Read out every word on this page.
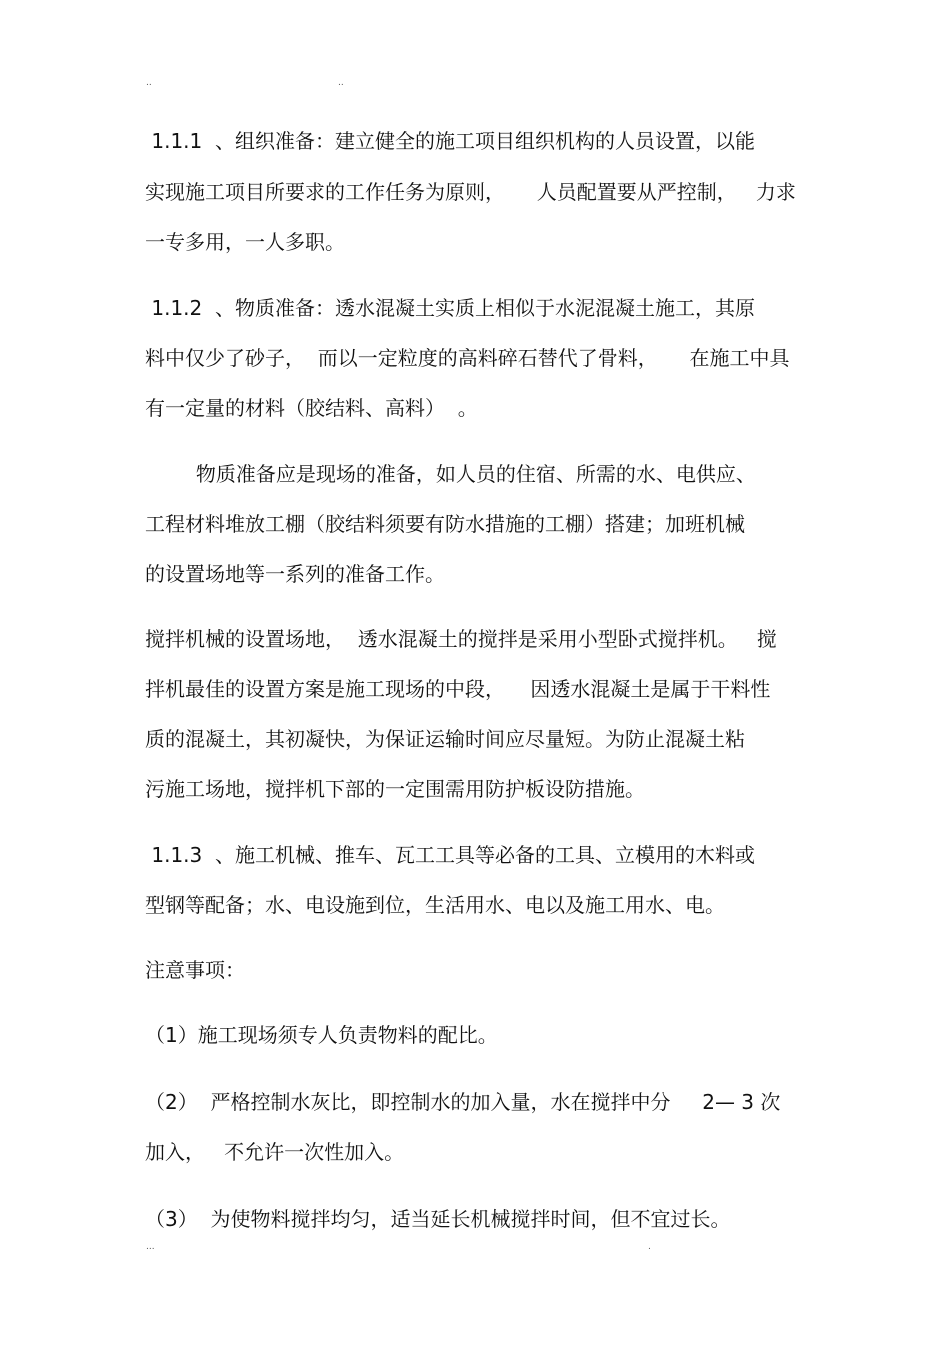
..	..

1.1.1  、组织准备：建立健全的施工项目组织机构的人员设置，以能

实现施工项目所要求的工作任务为原则，     人员配置要从严控制，   力求

一专多用，一人多职。

1.1.2  、物质准备：透水混凝土实质上相似于水泥混凝土施工，其原

料中仅少了砂子，  而以一定粒度的高料碎石替代了骨料，     在施工中具

有一定量的材料（胶结料、高料）  。

物质准备应是现场的准备，如人员的住宿、所需的水、电供应、

工程材料堆放工棚（胶结料须要有防水措施的工棚）搭建；加班机械

的设置场地等一系列的准备工作。

搅拌机械的设置场地，  透水混凝土的搅拌是采用小型卧式搅拌机。   搅

拌机最佳的设置方案是施工现场的中段，    因透水混凝土是属于干料性

质的混凝土，其初凝快，为保证运输时间应尽量短。为防止混凝土粘

污施工场地，搅拌机下部的一定围需用防护板设防措施。

1.1.3  、施工机械、推车、瓦工工具等必备的工具、立模用的木料或

型钢等配备；水、电设施到位，生活用水、电以及施工用水、电。

注意事项：

（1）施工现场须专人负责物料的配比。

（2）  严格控制水灰比，即控制水的加入量，水在搅拌中分     2— 3 次

加入，   不允许一次性加入。

（3）  为使物料搅拌均匀，适当延长机械搅拌时间，但不宜过长。

...	.
